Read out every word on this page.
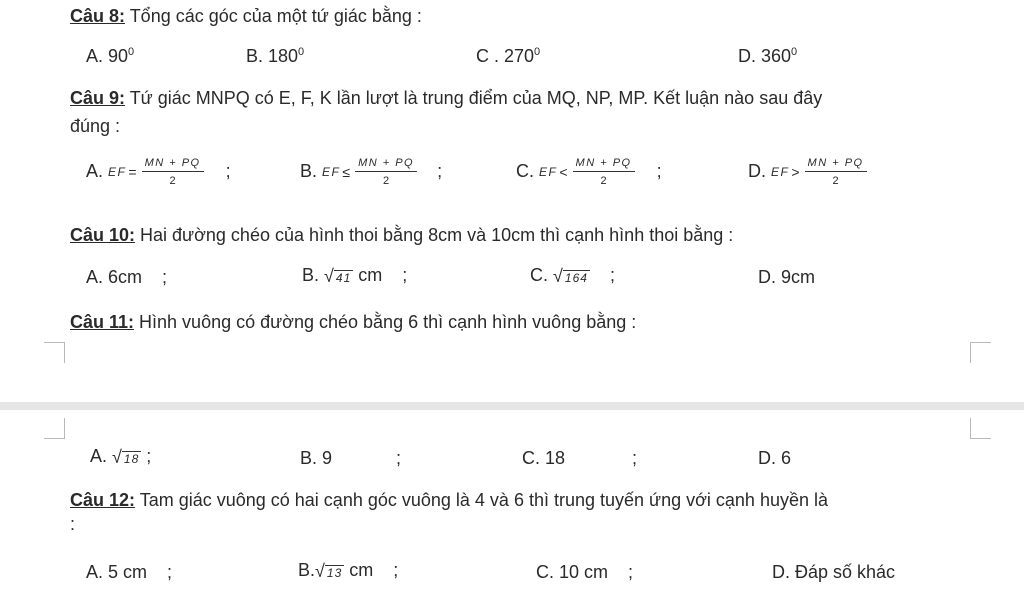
Câu 8: Tổng các góc của một tứ giác bằng :
A. $90^0$	B. $180^0$	C . $270^0$	D. $360^0$
Câu 9: Tứ giác MNPQ có E, F, K lần lượt là trung điểm của MQ, NP, MP. Kết luận nào sau đây
đúng :
A. EF = $\frac{MN + PQ}{2}$ ;	B. EF ≤ $\frac{MN + PQ}{2}$ ;	C. EF < $\frac{MN + PQ}{2}$ ;	D. EF > $\frac{MN + PQ}{2}$
Câu 10: Hai đường chéo của hình thoi bằng 8cm và 10cm thì cạnh hình thoi bằng :
A. 6cm    ;	B. √ 41 cm    ;	C. √ 164    ;	D. 9cm
Câu 11: Hình vuông có đường chéo bằng 6 thì cạnh hình vuông bằng :
A. √ 18 ;	B. 9	;	C. 18	;	D. 6
Câu 12: Tam giác vuông có hai cạnh góc vuông là 4 và 6 thì trung tuyến ứng với cạnh huyền là
:
A. 5 cm    ;	B.√ 13 cm    ;	C. 10 cm    ;	D. Đáp số khác
